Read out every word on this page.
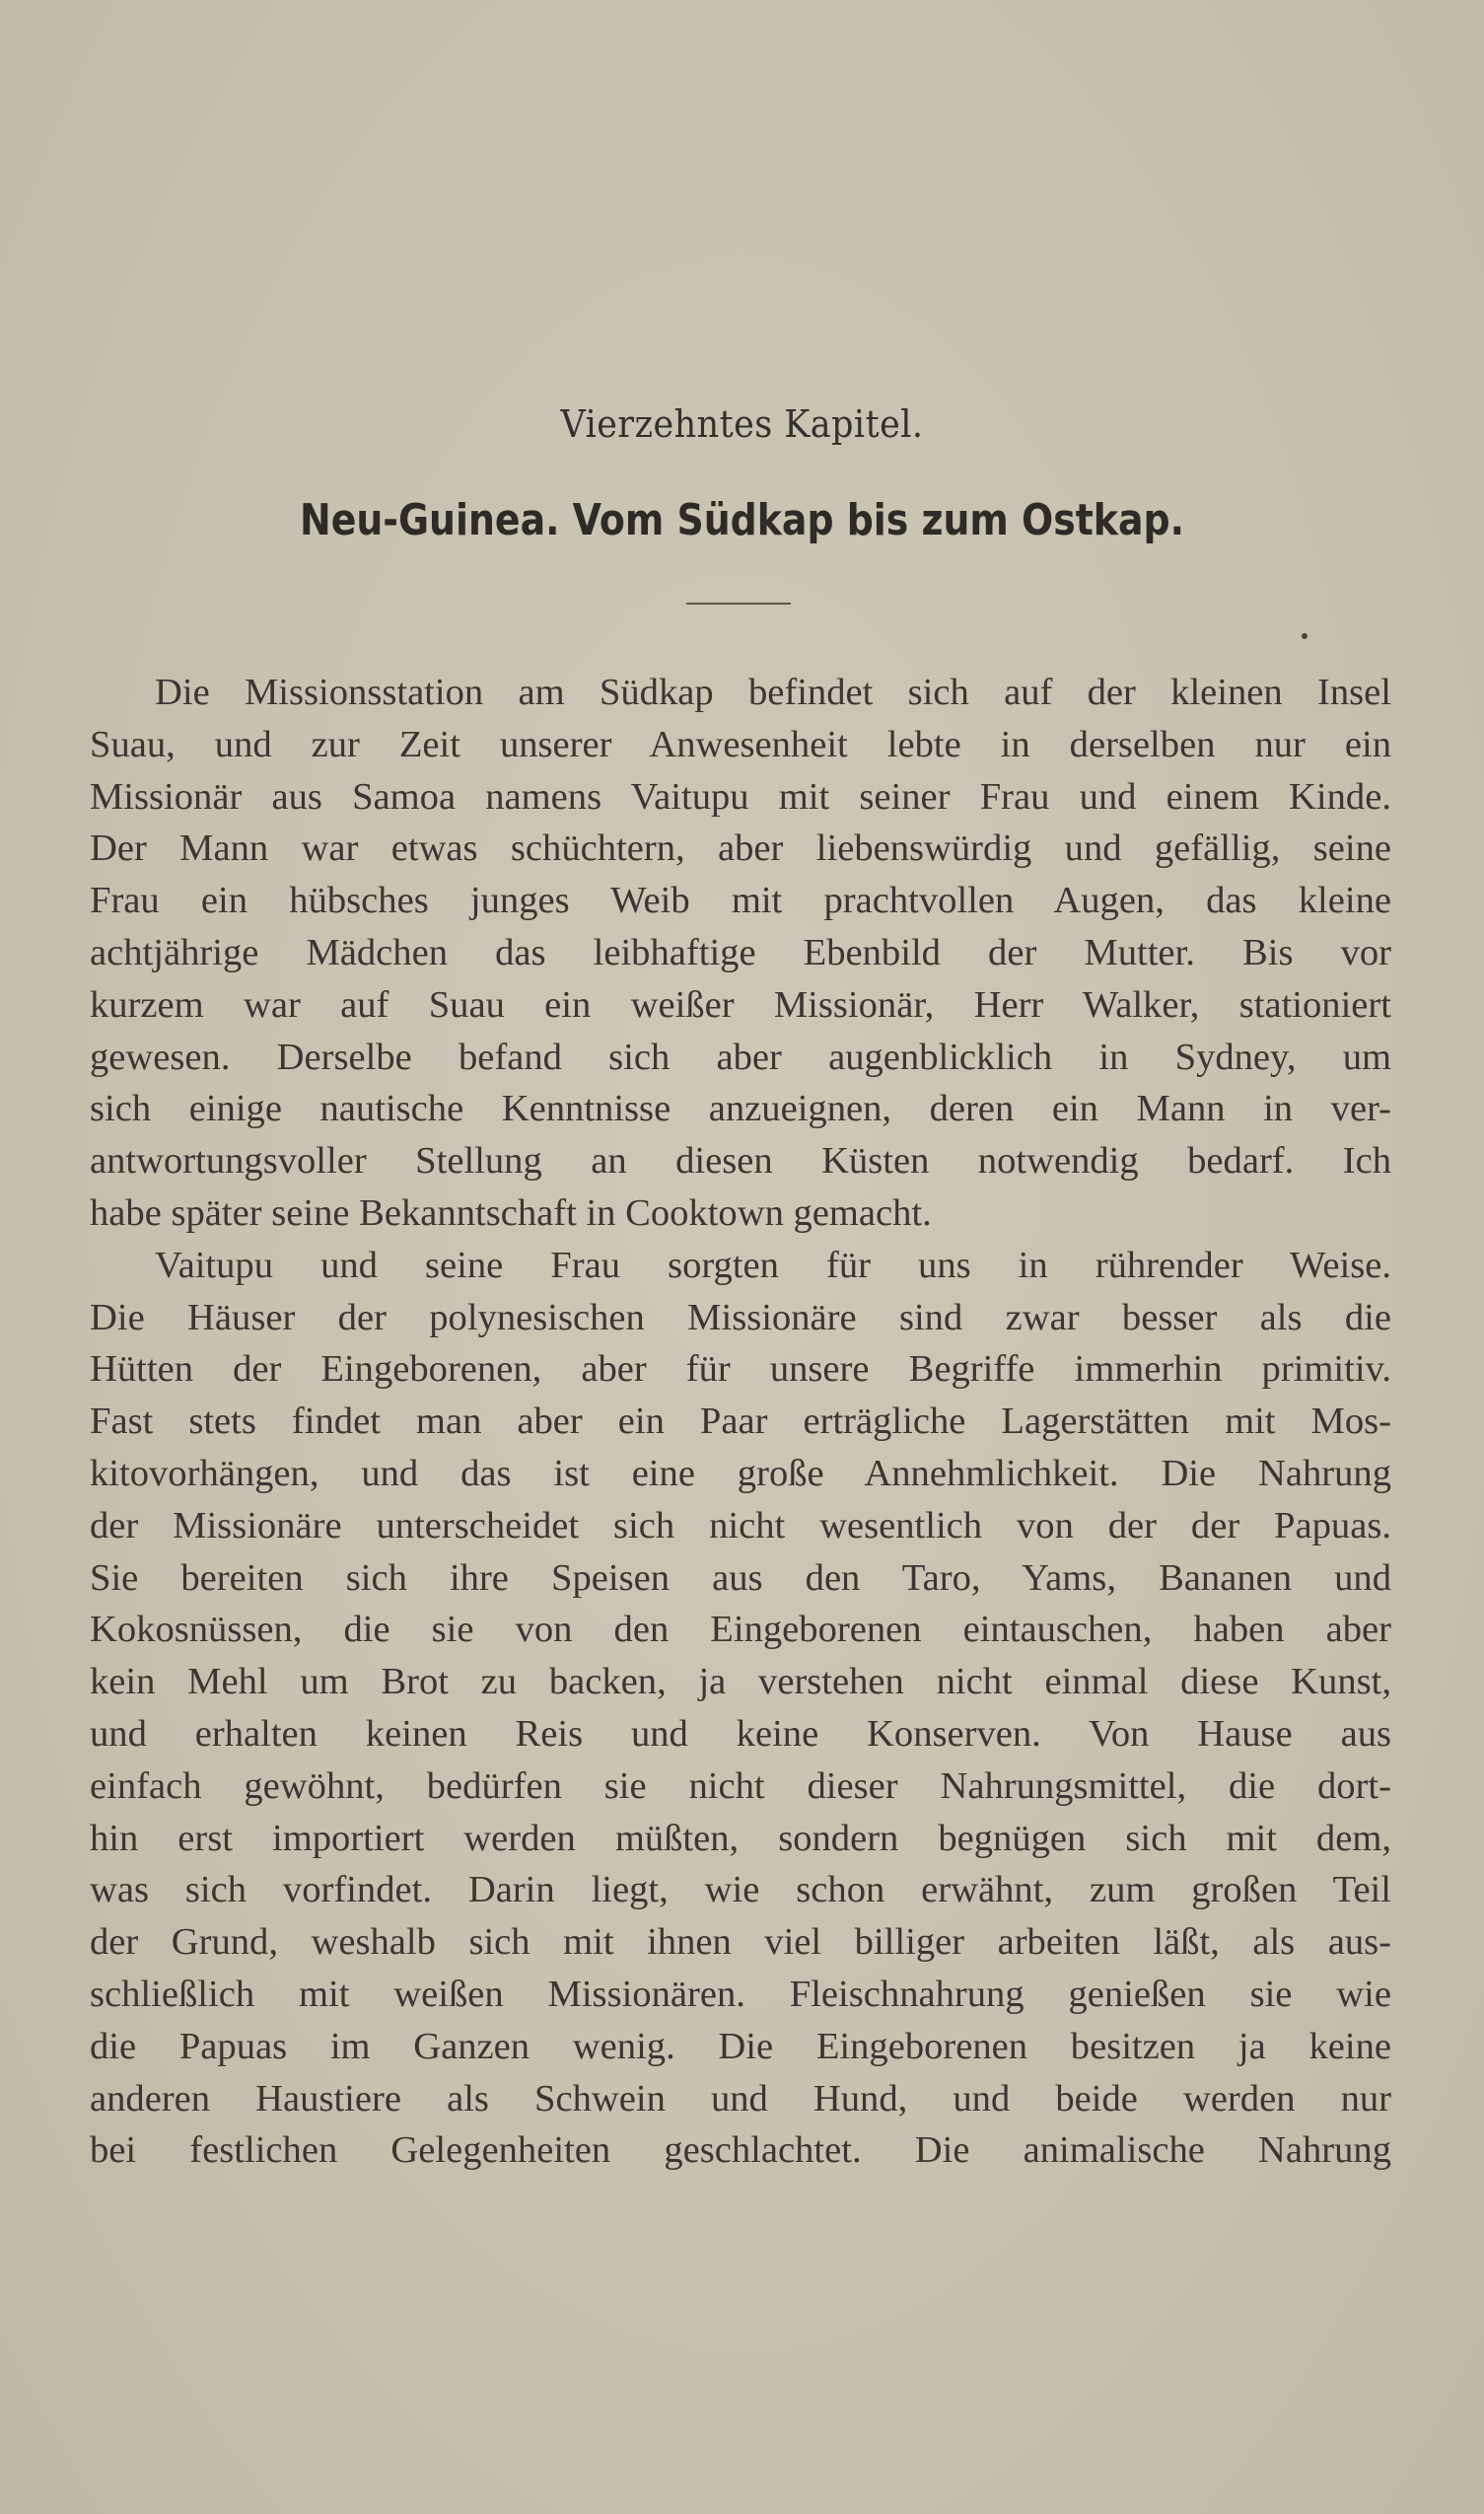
Vierzehntes Kapitel.
Neu-Guinea. Vom Südkap bis zum Ostkap.
Die Missionsstation am Südkap befindet sich auf der kleinen Insel
Suau, und zur Zeit unserer Anwesenheit lebte in derselben nur ein
Missionär aus Samoa namens Vaitupu mit seiner Frau und einem Kinde.
Der Mann war etwas schüchtern, aber liebenswürdig und gefällig, seine
Frau ein hübsches junges Weib mit prachtvollen Augen, das kleine
achtjährige Mädchen das leibhaftige Ebenbild der Mutter. Bis vor
kurzem war auf Suau ein weißer Missionär, Herr Walker, stationiert
gewesen. Derselbe befand sich aber augenblicklich in Sydney, um
sich einige nautische Kenntnisse anzueignen, deren ein Mann in ver-
antwortungsvoller Stellung an diesen Küsten notwendig bedarf. Ich
habe später seine Bekanntschaft in Cooktown gemacht.
Vaitupu und seine Frau sorgten für uns in rührender Weise.
Die Häuser der polynesischen Missionäre sind zwar besser als die
Hütten der Eingeborenen, aber für unsere Begriffe immerhin primitiv.
Fast stets findet man aber ein Paar erträgliche Lagerstätten mit Mos-
kitovorhängen, und das ist eine große Annehmlichkeit. Die Nahrung
der Missionäre unterscheidet sich nicht wesentlich von der der Papuas.
Sie bereiten sich ihre Speisen aus den Taro, Yams, Bananen und
Kokosnüssen, die sie von den Eingeborenen eintauschen, haben aber
kein Mehl um Brot zu backen, ja verstehen nicht einmal diese Kunst,
und erhalten keinen Reis und keine Konserven. Von Hause aus
einfach gewöhnt, bedürfen sie nicht dieser Nahrungsmittel, die dort-
hin erst importiert werden müßten, sondern begnügen sich mit dem,
was sich vorfindet. Darin liegt, wie schon erwähnt, zum großen Teil
der Grund, weshalb sich mit ihnen viel billiger arbeiten läßt, als aus-
schließlich mit weißen Missionären. Fleischnahrung genießen sie wie
die Papuas im Ganzen wenig. Die Eingeborenen besitzen ja keine
anderen Haustiere als Schwein und Hund, und beide werden nur
bei festlichen Gelegenheiten geschlachtet. Die animalische Nahrung
